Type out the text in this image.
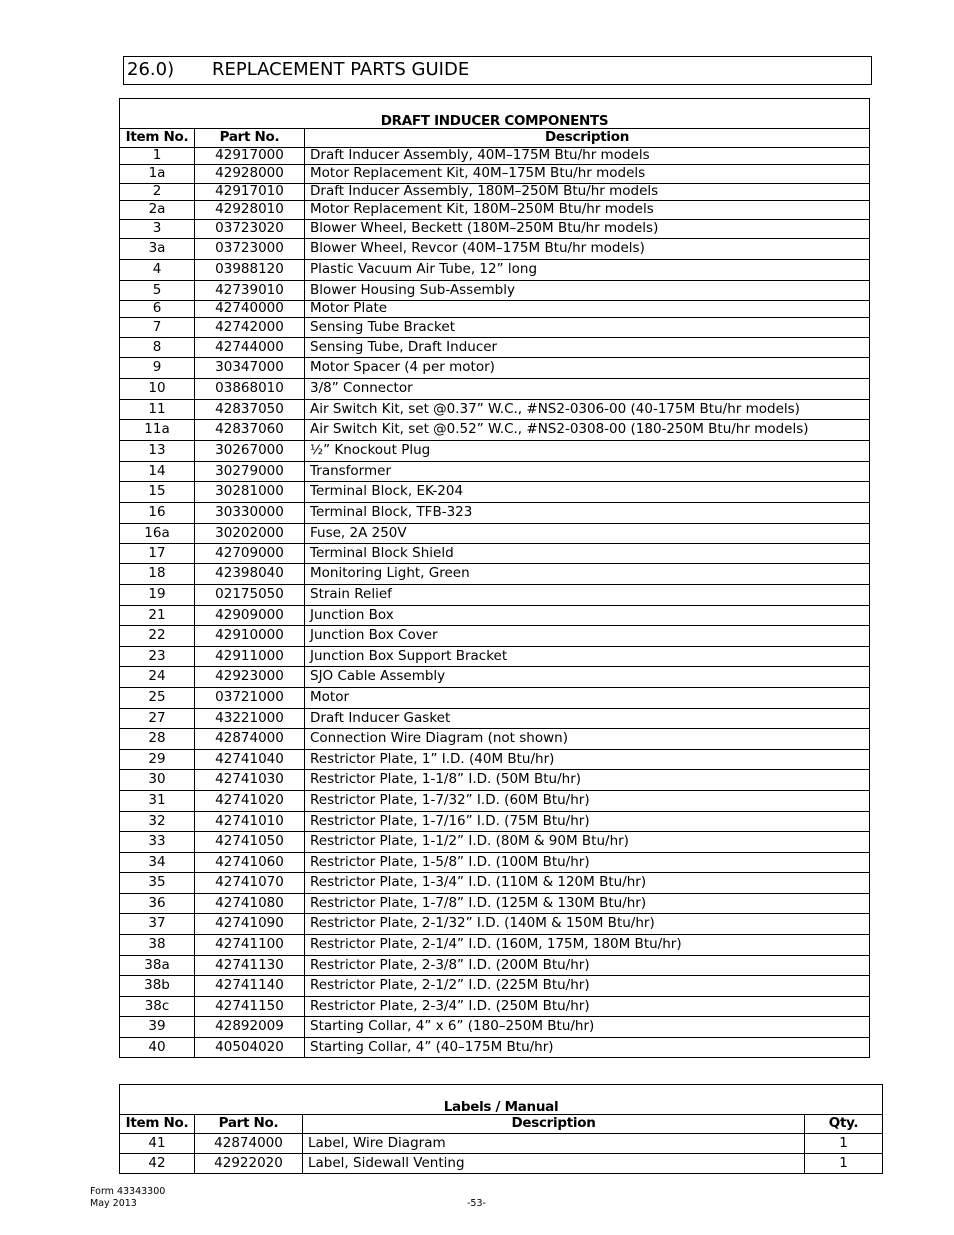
26.0) REPLACEMENT PARTS GUIDE
DRAFT INDUCER COMPONENTS		
Item No.	Part No.	Description
1	42917000	Draft Inducer Assembly, 40M–175M Btu/hr models
1a	42928000	Motor Replacement Kit, 40M–175M Btu/hr models
2	42917010	Draft Inducer Assembly, 180M–250M Btu/hr models
2a	42928010	Motor Replacement Kit, 180M–250M Btu/hr models
3	03723020	Blower Wheel, Beckett (180M–250M Btu/hr models)
3a	03723000	Blower Wheel, Revcor (40M–175M Btu/hr models)
4	03988120	Plastic Vacuum Air Tube, 12” long
5	42739010	Blower Housing Sub-Assembly
6	42740000	Motor Plate
7	42742000	Sensing Tube Bracket
8	42744000	Sensing Tube, Draft Inducer
9	30347000	Motor Spacer (4 per motor)
10	03868010	3/8” Connector
11	42837050	Air Switch Kit, set @0.37” W.C., #NS2-0306-00 (40-175M Btu/hr models)
11a	42837060	Air Switch Kit, set @0.52” W.C., #NS2-0308-00 (180-250M Btu/hr models)
13	30267000	½” Knockout Plug
14	30279000	Transformer
15	30281000	Terminal Block, EK-204
16	30330000	Terminal Block, TFB-323
16a	30202000	Fuse, 2A 250V
17	42709000	Terminal Block Shield
18	42398040	Monitoring Light, Green
19	02175050	Strain Relief
21	42909000	Junction Box
22	42910000	Junction Box Cover
23	42911000	Junction Box Support Bracket
24	42923000	SJO Cable Assembly
25	03721000	Motor
27	43221000	Draft Inducer Gasket
28	42874000	Connection Wire Diagram (not shown)
29	42741040	Restrictor Plate, 1” I.D. (40M Btu/hr)
30	42741030	Restrictor Plate, 1-1/8” I.D. (50M Btu/hr)
31	42741020	Restrictor Plate, 1-7/32” I.D. (60M Btu/hr)
32	42741010	Restrictor Plate, 1-7/16” I.D. (75M Btu/hr)
33	42741050	Restrictor Plate, 1-1/2” I.D. (80M & 90M Btu/hr)
34	42741060	Restrictor Plate, 1-5/8” I.D. (100M Btu/hr)
35	42741070	Restrictor Plate, 1-3/4” I.D. (110M & 120M Btu/hr)
36	42741080	Restrictor Plate, 1-7/8” I.D. (125M & 130M Btu/hr)
37	42741090	Restrictor Plate, 2-1/32” I.D. (140M & 150M Btu/hr)
38	42741100	Restrictor Plate, 2-1/4” I.D. (160M, 175M, 180M Btu/hr)
38a	42741130	Restrictor Plate, 2-3/8” I.D. (200M Btu/hr)
38b	42741140	Restrictor Plate, 2-1/2” I.D. (225M Btu/hr)
38c	42741150	Restrictor Plate, 2-3/4” I.D. (250M Btu/hr)
39	42892009	Starting Collar, 4” x 6” (180–250M Btu/hr)
40	40504020	Starting Collar, 4” (40–175M Btu/hr)
Labels / Manual			
Item No.	Part No.	Description	Qty.
41	42874000	Label, Wire Diagram	1
42	42922020	Label, Sidewall Venting	1
Form 43343300
May 2013	-53-
